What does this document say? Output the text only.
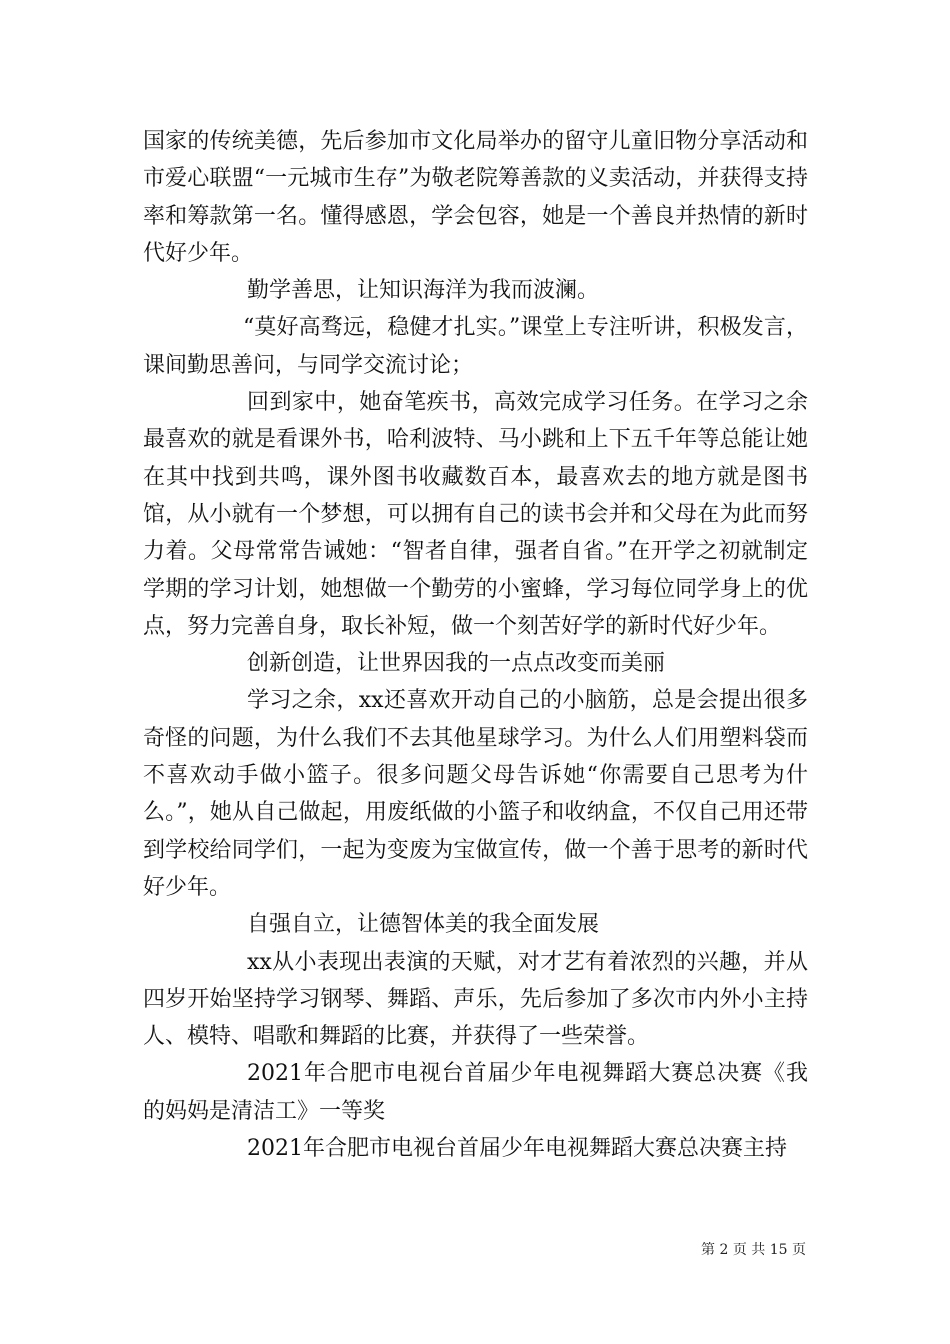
国家的传统美德，先后参加市文化局举办的留守儿童旧物分享活动和市爱心联盟“一元城市生存”为敬老院筹善款的义卖活动，并获得支持率和筹款第一名。懂得感恩，学会包容，她是一个善良并热情的新时代好少年。

勤学善思，让知识海洋为我而波澜。

“莫好高骛远，稳健才扎实。”课堂上专注听讲，积极发言，课间勤思善问，与同学交流讨论；

回到家中，她奋笔疾书，高效完成学习任务。在学习之余最喜欢的就是看课外书，哈利波特、马小跳和上下五千年等总能让她在其中找到共鸣，课外图书收藏数百本，最喜欢去的地方就是图书馆，从小就有一个梦想，可以拥有自己的读书会并和父母在为此而努力着。父母常常告诫她：“智者自律，强者自省。”在开学之初就制定学期的学习计划，她想做一个勤劳的小蜜蜂，学习每位同学身上的优点，努力完善自身，取长补短，做一个刻苦好学的新时代好少年。

创新创造，让世界因我的一点点改变而美丽

学习之余，xx还喜欢开动自己的小脑筋，总是会提出很多奇怪的问题，为什么我们不去其他星球学习。为什么人们用塑料袋而不喜欢动手做小篮子。很多问题父母告诉她“你需要自己思考为什么。”，她从自己做起，用废纸做的小篮子和收纳盒，不仅自己用还带到学校给同学们，一起为变废为宝做宣传，做一个善于思考的新时代好少年。

自强自立，让德智体美的我全面发展

xx从小表现出表演的天赋，对才艺有着浓烈的兴趣，并从四岁开始坚持学习钢琴、舞蹈、声乐，先后参加了多次市内外小主持人、模特、唱歌和舞蹈的比赛，并获得了一些荣誉。

2021年合肥市电视台首届少年电视舞蹈大赛总决赛《我的妈妈是清洁工》一等奖

2021年合肥市电视台首届少年电视舞蹈大赛总决赛主持

第 2 页 共 15 页
